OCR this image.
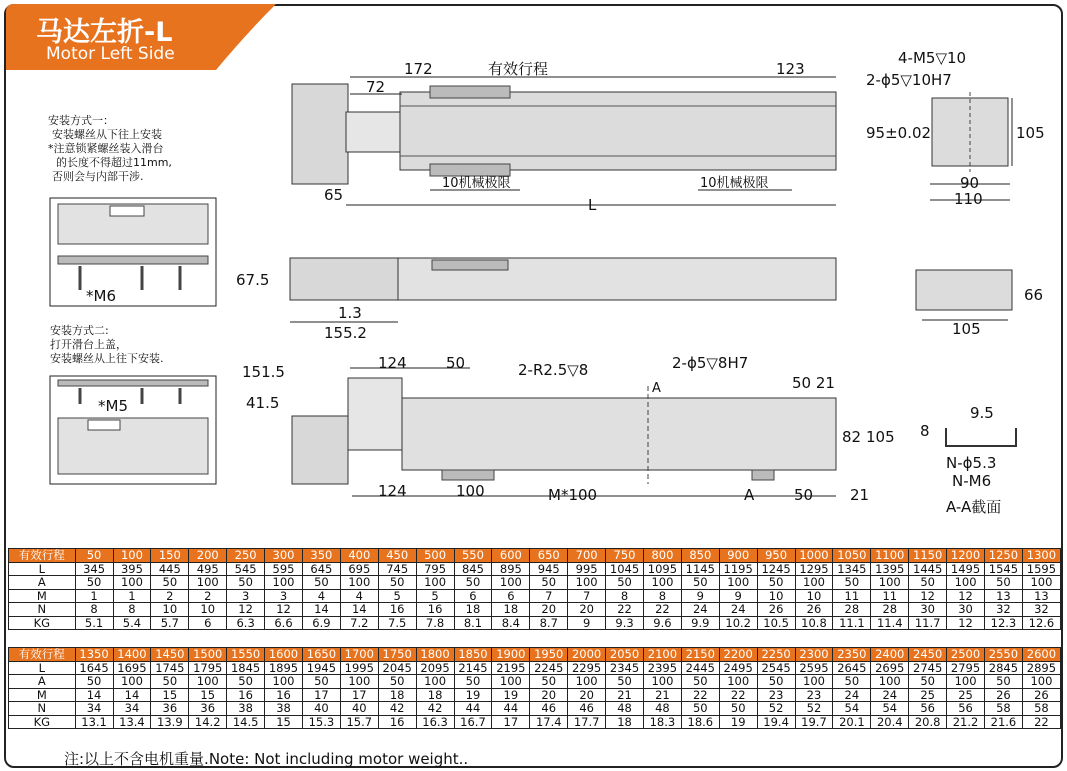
马达左折-L
Motor Left Side
安装方式一：
安装螺丝从下往上安装
*注意锁紧螺丝装入滑台
的长度不得超过11mm,
否则会与内部干涉.
安装方式二:
打开滑台上盖，
安装螺丝从上往下安装.
*M6
*M5
172
72
有效行程	123
65
L
10机械极限	10机械极限
4-M5▽10
2-ϕ5▽10H7
95±0.02	105
90
110
67.5
1.3
155.2
66
105
151.5
41.5
124	50	2-R2.5▽8	2-ϕ5▽8H7
50 21
82 105
124	100	M*100	A	50 21
A
9.5
8
N-ϕ5.3
N-M6
A-A截面
有效行程	50	100	150	200	250	300	350	400	450	500	550	600	650	700	750	800	850	900	950	1000	1050	1100	1150	1200	1250	1300
L	345	395	445	495	545	595	645	695	745	795	845	895	945	995	1045	1095	1145	1195	1245	1295	1345	1395	1445	1495	1545	1595
A	50	100	50	100	50	100	50	100	50	100	50	100	50	100	50	100	50	100	50	100	50	100	50	100	50	100
M	1	1	2	2	3	3	4	4	5	5	6	6	7	7	8	8	9	9	10	10	11	11	12	12	13	13
N	8	8	10	10	12	12	14	14	16	16	18	18	20	20	22	22	24	24	26	26	28	28	30	30	32	32
KG	5.1	5.4	5.7	6	6.3	6.6	6.9	7.2	7.5	7.8	8.1	8.4	8.7	9	9.3	9.6	9.9	10.2	10.5	10.8	11.1	11.4	11.7	12	12.3	12.6
有效行程	1350	1400	1450	1500	1550	1600	1650	1700	1750	1800	1850	1900	1950	2000	2050	2100	2150	2200	2250	2300	2350	2400	2450	2500	2550	2600
L	1645	1695	1745	1795	1845	1895	1945	1995	2045	2095	2145	2195	2245	2295	2345	2395	2445	2495	2545	2595	2645	2695	2745	2795	2845	2895
A	50	100	50	100	50	100	50	100	50	100	50	100	50	100	50	100	50	100	50	100	50	100	50	100	50	100
M	14	14	15	15	16	16	17	17	18	18	19	19	20	20	21	21	22	22	23	23	24	24	25	25	26	26
N	34	34	36	36	38	38	40	40	42	42	44	44	46	46	48	48	50	50	52	52	54	54	56	56	58	58
KG	13.1	13.4	13.9	14.2	14.5	15	15.3	15.7	16	16.3	16.7	17	17.4	17.7	18	18.3	18.6	19	19.4	19.7	20.1	20.4	20.8	21.2	21.6	22
注:以上不含电机重量.Note: Not including motor weight..
